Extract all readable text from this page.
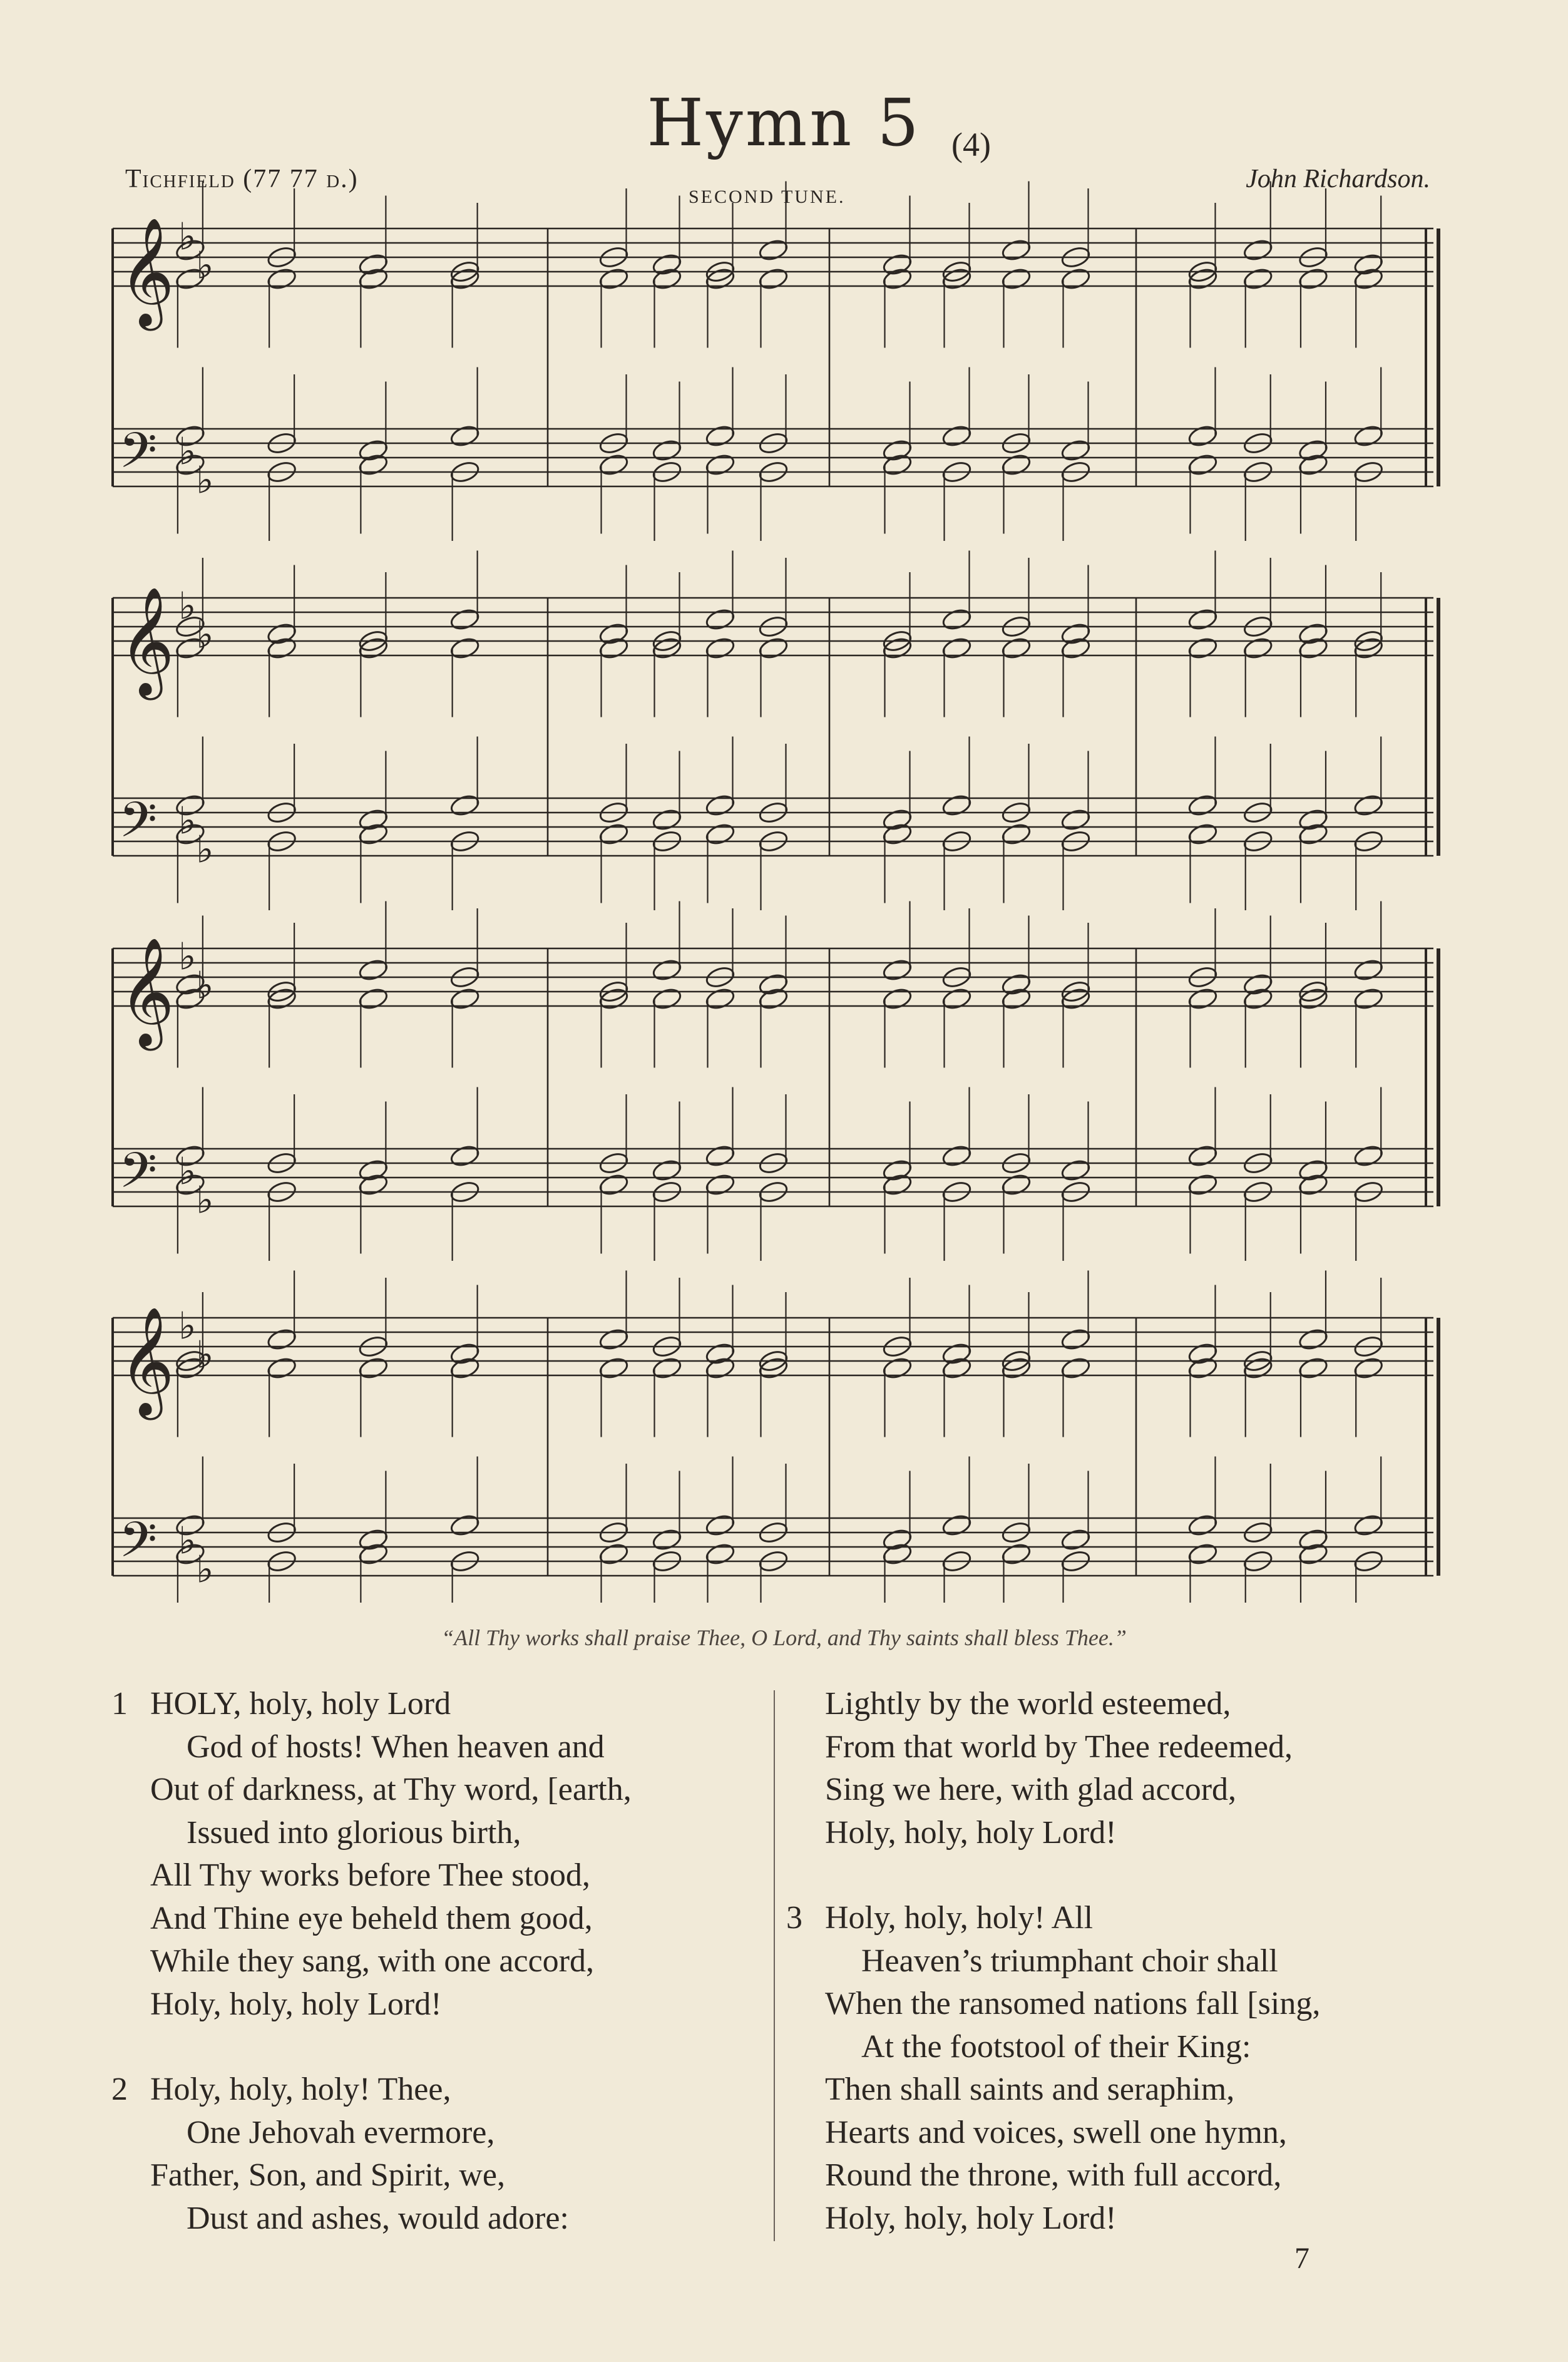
Hymn 5 (4)
Tichfield (77 77 d.)
SECOND TUNE.
John Richardson.
𝄞
𝄢
♭
♭
♭
♭
𝄞
𝄢
♭
♭
♭
♭
𝄞
𝄢
♭
♭
♭
♭
𝄞
𝄢
♭
♭
♭
♭
“All Thy works shall praise Thee, O Lord, and Thy saints shall bless Thee.”
1 HOLY, holy, holy Lord
God of hosts! When heaven and
Out of darkness, at Thy word, [earth,
Issued into glorious birth,
All Thy works before Thee stood,
And Thine eye beheld them good,
While they sang, with one accord,
Holy, holy, holy Lord!
2 Holy, holy, holy! Thee,
One Jehovah evermore,
Father, Son, and Spirit, we,
Dust and ashes, would adore:
Lightly by the world esteemed,
From that world by Thee redeemed,
Sing we here, with glad accord,
Holy, holy, holy Lord!
3 Holy, holy, holy! All
Heaven’s triumphant choir shall
When the ransomed nations fall [sing,
At the footstool of their King:
Then shall saints and seraphim,
Hearts and voices, swell one hymn,
Round the throne, with full accord,
Holy, holy, holy Lord!
7
